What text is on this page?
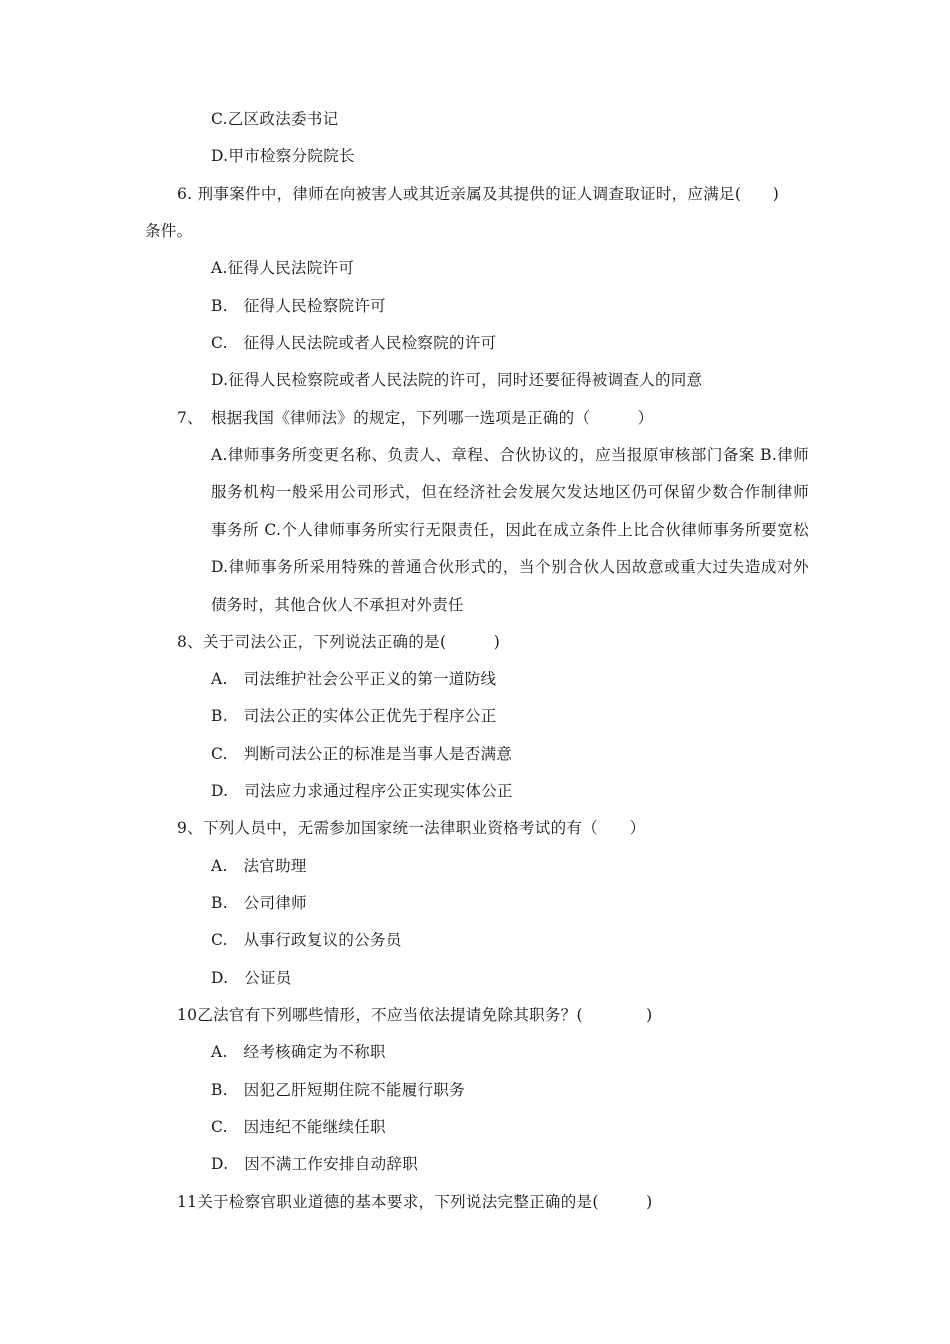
C.乙区政法委书记
D.甲市检察分院院长
6. 刑事案件中，律师在向被害人或其近亲属及其提供的证人调查取证时，应满足(　　)
条件。
A.征得人民法院许可
B.　征得人民检察院许可
C.　征得人民法院或者人民检察院的许可
D.征得人民检察院或者人民法院的许可，同时还要征得被调查人的同意
7、　根据我国《律师法》的规定，下列哪一选项是正确的（　　　）

A.律师事务所变更名称、负责人、章程、合伙协议的，应当报原审核部门备案 B.律师服务机构一般采用公司形式，但在经济社会发展欠发达地区仍可保留少数合作制律师事务所 C.个人律师事务所实行无限责任，因此在成立条件上比合伙律师事务所要宽松 D.律师事务所采用特殊的普通合伙形式的，当个别合伙人因故意或重大过失造成对外债务时，其他合伙人不承担对外责任

8、关于司法公正，下列说法正确的是(　　　)
A.　司法维护社会公平正义的第一道防线
B.　司法公正的实体公正优先于程序公正
C.　判断司法公正的标准是当事人是否满意
D.　司法应力求通过程序公正实现实体公正
9、下列人员中，无需参加国家统一法律职业资格考试的有（　　）
A.　法官助理
B.　公司律师
C.　从事行政复议的公务员
D.　公证员
10乙法官有下列哪些情形，不应当依法提请免除其职务？(　　　　)
A.　经考核确定为不称职
B.　因犯乙肝短期住院不能履行职务
C.　因违纪不能继续任职
D.　因不满工作安排自动辞职
11关于检察官职业道德的基本要求，下列说法完整正确的是(　　　)
